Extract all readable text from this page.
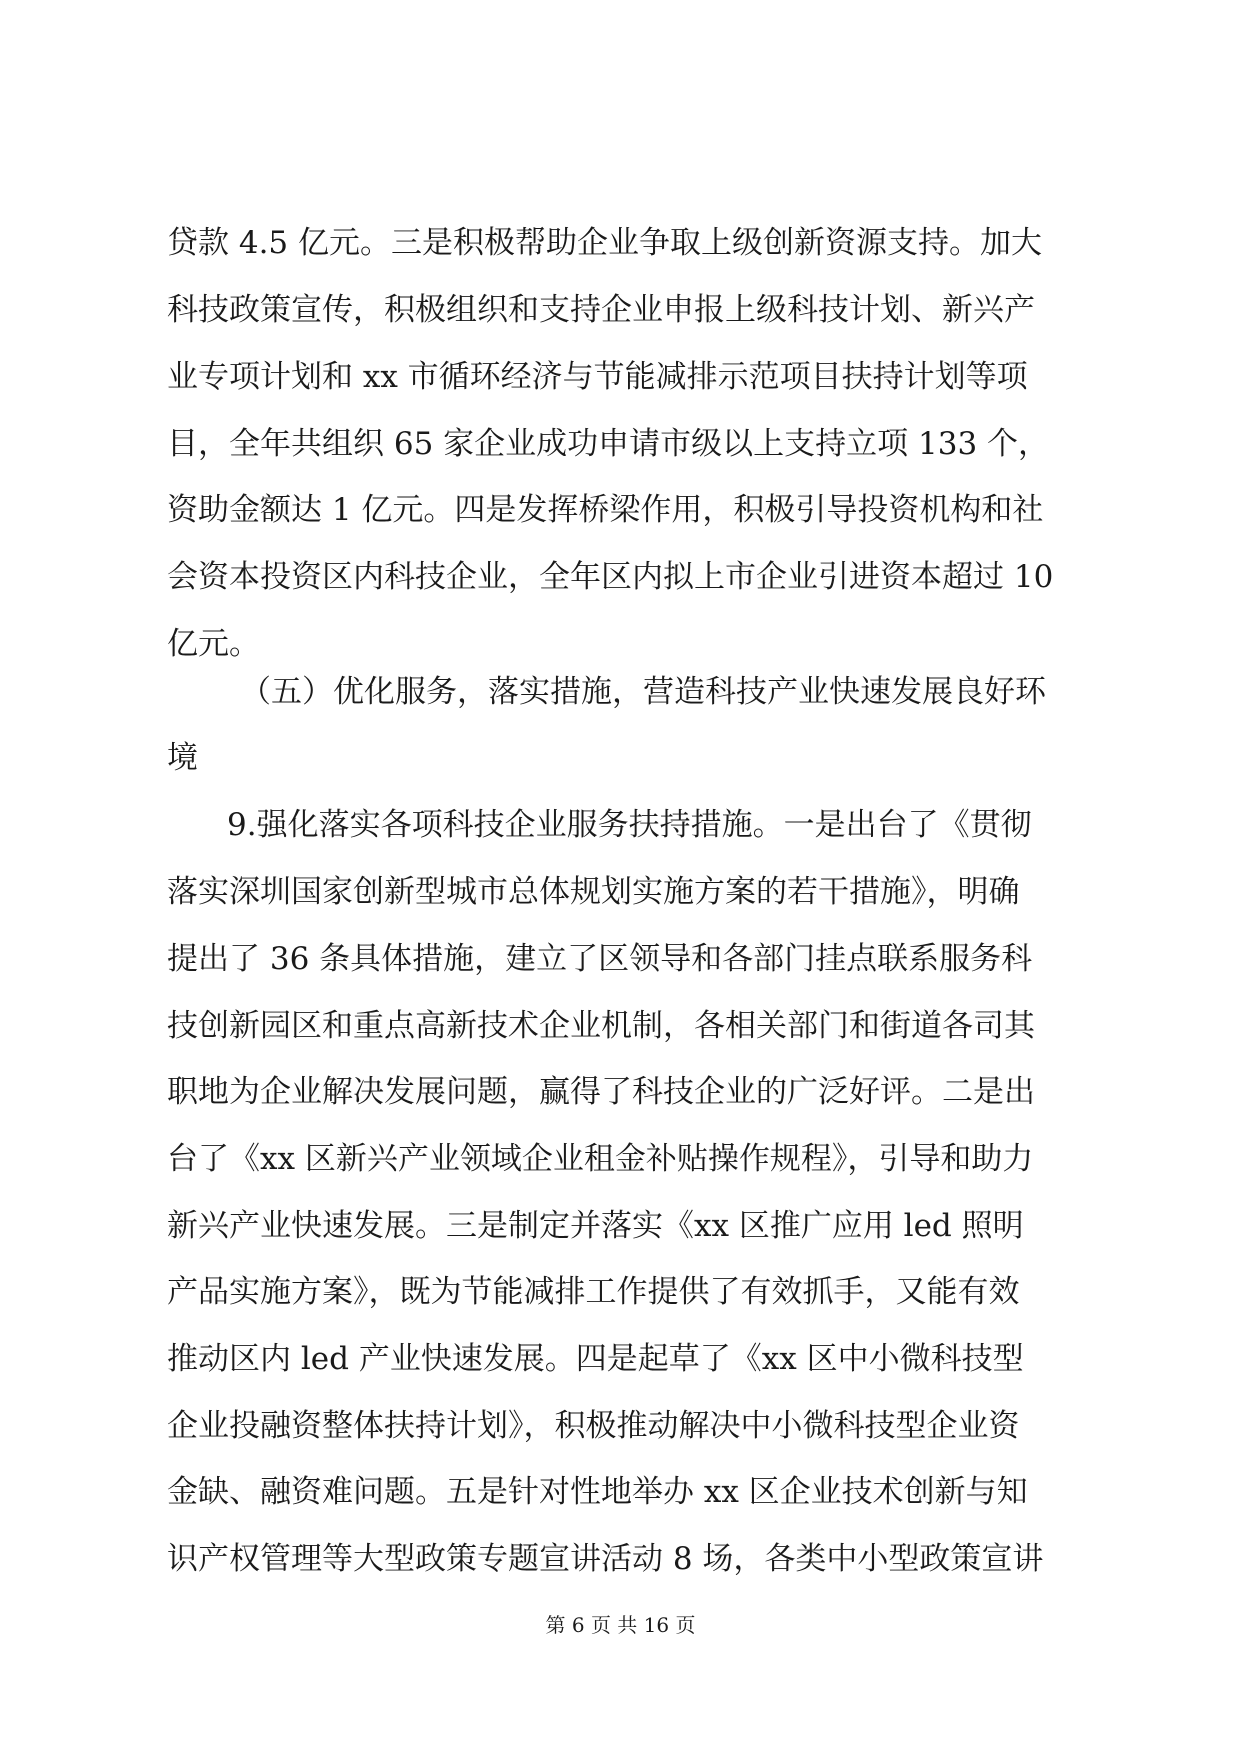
贷款 4.5 亿元。三是积极帮助企业争取上级创新资源支持。加大
科技政策宣传，积极组织和支持企业申报上级科技计划、新兴产
业专项计划和 xx 市循环经济与节能减排示范项目扶持计划等项
目，全年共组织 65 家企业成功申请市级以上支持立项 133 个，
资助金额达 1 亿元。四是发挥桥梁作用，积极引导投资机构和社
会资本投资区内科技企业，全年区内拟上市企业引进资本超过 10
亿元。
（五）优化服务，落实措施，营造科技产业快速发展良好环
境
9.强化落实各项科技企业服务扶持措施。一是出台了《贯彻
落实深圳国家创新型城市总体规划实施方案的若干措施》，明确
提出了 36 条具体措施，建立了区领导和各部门挂点联系服务科
技创新园区和重点高新技术企业机制，各相关部门和街道各司其
职地为企业解决发展问题，赢得了科技企业的广泛好评。二是出
台了《xx 区新兴产业领域企业租金补贴操作规程》，引导和助力
新兴产业快速发展。三是制定并落实《xx 区推广应用 led 照明
产品实施方案》，既为节能减排工作提供了有效抓手，又能有效
推动区内 led 产业快速发展。四是起草了《xx 区中小微科技型
企业投融资整体扶持计划》，积极推动解决中小微科技型企业资
金缺、融资难问题。五是针对性地举办 xx 区企业技术创新与知
识产权管理等大型政策专题宣讲活动 8 场，各类中小型政策宣讲
第 6 页 共 16 页
